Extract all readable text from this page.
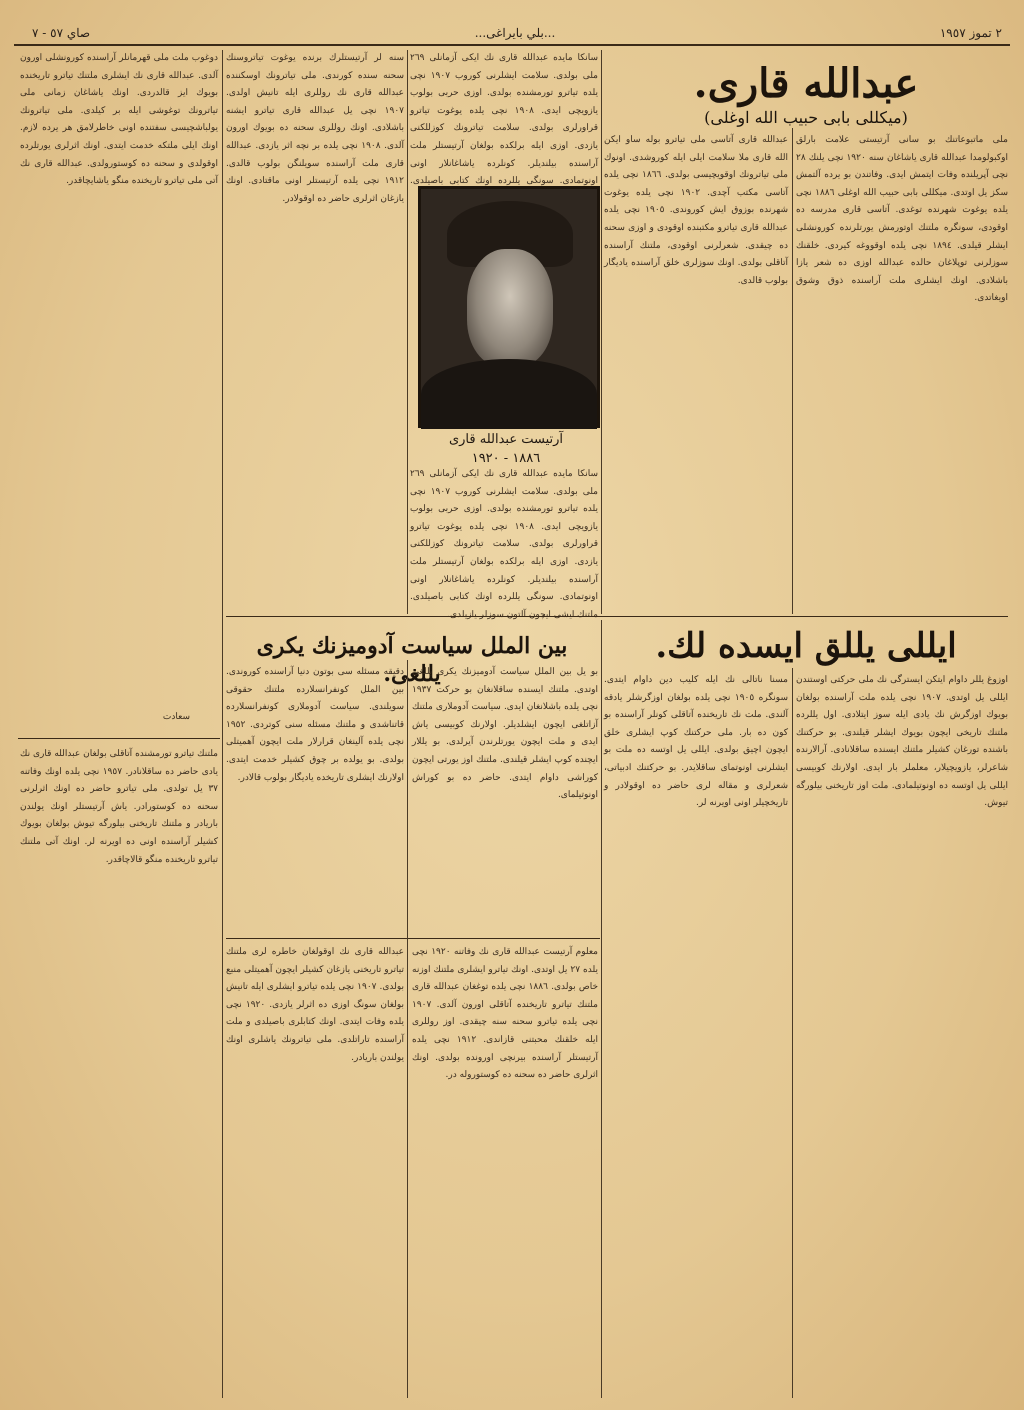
٢ تموز ١٩٥٧
...بلي بايراغى...
صاي ٥٧ - ٧
عبدالله قارى.
(ميكللى بابى حبيب الله اوغلى)
ملى ماتبوعاتنك بو سانى آرتيستى علامت بارلق اوكبولومدا عبدالله قارى ياشاغان سنه ١٩٢٠ نچى يلنك ٢٨ نچى آپريلنده وفات ايتمش ايدى. وفاتندن بو يرده آلتمش سكز يل اوتدى. ميكللى بابى حبيب الله اوغلى ١٨٨٦ نچى يلده يوغوت شهرنده توغدى. آتاسى قارى مدرسه ده اوقودى، سونگره ملتنك اوتورمش يورتلرنده كورونشلى ايشلر قيلدى. ١٨٩٤ نچى يلده اوقووغه كيردى. خلقنك سوزلرنى توپلاغان حالده عبدالله اوزى ده شعر يازا باشلادى. اونك ايشلرى ملت آراسنده ذوق وشوق اويغاتدى.
عبدالله قارى آتاسى ملى تياترو بوله ساو ايكن الله قارى ملا سلامت ايلى ايله كوروشدى. اونوك ملى تياترونك اوقويچيسى بولدى. ١٨٦٦ نچى يلده آتاسى مكتب آچدى. ١٩٠٢ نچى يلده يوغوت شهرنده بوزوق ايش كوروندى. ١٩٠٥ نچى يلده عبدالله قارى تياترو مكتبنده اوقودى و اوزى سحنه ده چيقدى. شعرلرنى اوقودى، ملتنك آراسنده آتاقلى بولدى. اونك سوزلرى خلق آراسنده ياديگار بولوب قالدى.
سانكا مايده عبدالله قارى نك ايكى آزمانلى ٢٦٩ ملى بولدى. سلامت ايشلرنى كوروب ١٩٠٧ نچى يلده تياترو تورمشنده بولدى. اوزى حربى بولوب يازويچى ايدى. ١٩٠٨ نچى يلده يوغوت تياترو قراورلرى بولدى. سلامت تياترونك كوزللكنى يازدى. اوزى ايله برلكده بولغان آرتيستلر ملت آراسنده بيلنديلر. كونلرده ياشاغانلار اونى اونوتمادى. سونگى يللرده اونك كتابى باصيلدى.
سانكا مايده عبدالله قارى نك ايكى آزمانلى ٢٦٩ ملى بولدى. سلامت ايشلرنى كوروب ١٩٠٧ نچى يلده تياترو تورمشنده بولدى. اوزى حربى بولوب يازويچى ايدى. ١٩٠٨ نچى يلده يوغوت تياترو قراورلرى بولدى. سلامت تياترونك كوزللكنى يازدى. اوزى ايله برلكده بولغان آرتيستلر ملت آراسنده بيلنديلر. كونلرده ياشاغانلار اونى اونوتمادى. سونگى يللرده اونك كتابى باصيلدى. ملتنك ايشى ايچون آلتون سوزلر يازيلدى.
سنه لر آرتيستلرك برنده يوغوت تياتروسنك سحنه سنده كورندى. ملى تياترونك اوسكننده عبدالله قارى نك روللرى ايله تانيش اولدى. ١٩٠٧ نچى يل عبدالله قارى تياترو ايشنه باشلادى. اونك روللرى سحنه ده بويوك اورون آلدى. ١٩٠٨ نچى يلده بر نچه اثر يازدى. عبدالله قارى ملت آراسنده سويلنگن بولوب قالدى. ١٩١٢ نچى يلده آرتيستلر اونى ماقتادى. اونك يازغان اثرلرى حاضر ده اوقولادر.
دوغوب ملت ملى قهرمانلر آراسنده كورونشلى اورون آلدى. عبدالله قارى نك ايشلرى ملتنك تياترو تاريخنده بويوك ايز قالدردى. اونك ياشاغان زمانى ملى تياترونك توغوشى ايله بر كيلدى. ملى تياترونك يولباشچيسى سفتنده اونى خاطرلامق هر يرده لازم. اونك ايلى ملتكه خدمت ايتدى. اونك اثرلرى يورتلرده اوقولدى و سحنه ده كوستورولدى. عبدالله قارى نك آتى ملى تياترو تاريخنده منگو ياشايچاقدر.
آرتيست عبدالله قارى
١٨٨٦ - ١٩٢٠
ايللى يللق ايسده لك.
اوزوغ يللر داوام ايتكن ايسترگى نك ملى حركتى اوستندن ايللى يل اوتدى. ١٩٠٧ نچى يلده ملت آراسنده بولغان بويوك اوزگرش نك يادى ايله سوز ايتلادى. اول يللرده ملتنك تاريخى ايچون بويوك ايشلر قيلندى. بو حركتنك باشنده تورغان كشيلر ملتنك ايسنده ساقلانادى. آرالارنده شاعرلر، يازويچيلار، معلملر بار ايدى. اولارنك كوبيسى ايللى يل اوتسه ده اونوتيلمادى. ملت اوز تاريخنى بيلورگه تيوش.
مسنا ناتالى نك ایله كليب دين داوام ايتدى. سونگره ١٩٠٥ نچى يلده بولغان اوزگرشلر يادقه آلندى. ملت نك تاريخنده آتاقلى كونلر آراسنده بو كون ده بار. ملى حركتنك كوپ ايشلرى خلق ايچون اچيق بولدى. ايللى يل اوتسه ده ملت بو ايشلرنى اونوتماى ساقلايدر. بو حركتنك ادبياتى، شعرلرى و مقاله لرى حاضر ده اوقولادر و تاريخچيلر اونى اويرنه لر.
بين الملل سياست آدوميزنك يكرى يللغى.
بو يل بين الملل سياست آدوميزنك يكرى يللغى اوتدى. ملتنك ايسنده ساقلانغان بو حركت ١٩٣٧ نچى يلده باشلانغان ايدى. سياست آدوملارى ملتنك آزاتلغى ايچون ايشلديلر. اولارنك كوبيسى ياش ايدى و ملت ايچون يورتلرندن آيرلدى. بو يللار ايچنده كوپ ايشلر قيلندى. ملتنك اوز يورتى ايچون كوراشى داوام ايتدى. حاضر ده بو كوراش اونوتيلماى.
دقيقه مسئله سى بوتون دنيا آراسنده كوروندى. بين الملل كونفرانسلارده ملتنك حقوقى سويلندى. سياست آدوملارى كونفرانسلارده قاتناشدى و ملتنك مسئله سنى كوتردى. ١٩٥٢ نچى يلده آلينغان قرارلار ملت ايچون آهميتلى بولدى. بو يولده بر چوق كشيلر خدمت ايتدى. اولارنك ايشلرى تاريخده ياديگار بولوب قالادر.
معلوم آرتيست عبدالله قارى نك وفاتنه ١٩٢٠ نچى يلده ٢٧ يل اوتدى. اونك تياترو ايشلرى ملتنك اوزنه خاص بولدى. ١٨٨٦ نچى يلده توغغان عبدالله قارى ملتنك تياترو تاريخنده آتاقلى اورون آلدى. ١٩٠٧ نچى يلده تياترو سحنه سنه چيقدى. اوز روللرى ايله خلقنك محبتنى قازاندى. ١٩١٢ نچى يلده آرتيستلر آراسنده بيرنچى اورونده بولدى. اونك اثرلرى حاضر ده سحنه ده كوستوروله در.
عبدالله قارى نك اوقولغان خاطره لرى ملتنك تياترو تاريخنى يازغان كشيلر ايچون آهميتلى منبع بولدى. ١٩٠٧ نچى يلده تياترو ايشلرى ايله تانيش بولغان سونگ اوزى ده اثرلر يازدى. ١٩٢٠ نچى يلده وفات ايتدى. اونك كتابلرى باصيلدى و ملت آراسنده تاراتلدى. ملى تياترونك ياشلرى اونك يولندن باريادر.
ملتنك تياترو تورمشنده آتاقلى بولغان عبدالله قارى نك يادى حاضر ده ساقلانادر. ١٩٥٧ نچى يلده اونك وفاتنه ٣٧ يل تولدى. ملى تياترو حاضر ده اونك اثرلرنى سحنه ده كوستورادر. ياش آرتيستلر اونك يولندن باريادر و ملتنك تاريخنى بيلورگه تيوش بولغان بويوك كشيلر آراسنده اونى ده اويرنه لر. اونك آتى ملتنك تياترو تاريخنده منگو قالاچاقدر.
سعادت
